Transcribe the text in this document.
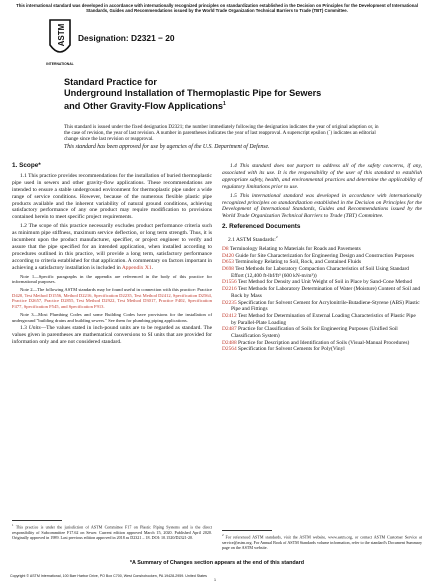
This international standard was developed in accordance with internationally recognized principles on standardization established in the Decision on Principles for the Development of International Standards, Guides and Recommendations issued by the World Trade Organization Technical Barriers to Trade (TBT) Committee.
ASTM
INTERNATIONAL
Designation: D2321 − 20
Standard Practice for
Underground Installation of Thermoplastic Pipe for Sewers
and Other Gravity-Flow Applications$^1$
This standard is issued under the fixed designation D2321; the number immediately following the designation indicates the year of original adoption or, in the case of revision, the year of last revision. A number in parentheses indicates the year of last reapproval. A superscript epsilon (´) indicates an editorial change since the last revision or reapproval.
This standard has been approved for use by agencies of the U.S. Department of Defense.
1. Scope*

1.1 This practice provides recommendations for the installation of buried thermoplastic pipe used in sewers and other gravity-flow applications. These recommendations are intended to ensure a stable underground environment for thermoplastic pipe under a wide range of service conditions. However, because of the numerous flexible plastic pipe products available and the inherent variability of natural ground conditions, achieving satisfactory performance of any one product may require modification to provisions contained herein to meet specific project requirements.

1.2 The scope of this practice necessarily excludes product performance criteria such as minimum pipe stiffness, maximum service deflection, or long term strength. Thus, it is incumbent upon the product manufacturer, specifier, or project engineer to verify and assure that the pipe specified for an intended application, when installed according to procedures outlined in this practice, will provide a long term, satisfactory performance according to criteria established for that application. A commentary on factors important in achieving a satisfactory installation is included in Appendix X1.

Note 1—Specific paragraphs in the appendix are referenced in the body of this practice for informational purposes.
Note 2—The following ASTM standards may be found useful in connection with this practice: Practice D420, Test Method D1556, Method D2216, Specification D2235, Test Method D2412, Specification D2564, Practice D2657, Practice D2855, Test Method D2922, Test Method D3017, Practice F402, Specification F477, Specification F545, and Specification F913.
Note 3—Most Plumbing Codes and some Building Codes have provisions for the installation of underground "building drains and building sewers." See them for plumbing piping applications.

1.3 Units—The values stated in inch-pound units are to be regarded as standard. The values given in parentheses are mathematical conversions to SI units that are provided for information only and are not considered standard.

$^1$ This practice is under the jurisdiction of ASTM Committee F17 on Plastic Piping Systems and is the direct responsibility of Subcommittee F17.62 on Sewer. Current edition approved March 15, 2020. Published April 2020. Originally approved in 1989. Last previous edition approved in 2018 as D2321 – 18. DOI: 10.1520/D2321-20.

1.4 This standard does not purport to address all of the safety concerns, if any, associated with its use. It is the responsibility of the user of this standard to establish appropriate safety, health, and environmental practices and determine the applicability of regulatory limitations prior to use.

1.5 This international standard was developed in accordance with internationally recognized principles on standardization established in the Decision on Principles for the Development of International Standards, Guides and Recommendations issued by the World Trade Organization Technical Barriers to Trade (TBT) Committee.

2. Referenced Documents
2.1 ASTM Standards:$^2$
D8 Terminology Relating to Materials for Roads and Pavements
D420 Guide for Site Characterization for Engineering Design and Construction Purposes
D653 Terminology Relating to Soil, Rock, and Contained Fluids
D698 Test Methods for Laboratory Compaction Characteristics of Soil Using Standard Effort (12,400 ft-lbf/ft³ (600 kN-m/m³))
D1556 Test Method for Density and Unit Weight of Soil in Place by Sand-Cone Method
D2216 Test Methods for Laboratory Determination of Water (Moisture) Content of Soil and Rock by Mass
D2235 Specification for Solvent Cement for Acrylonitrile-Butadiene-Styrene (ABS) Plastic Pipe and Fittings
D2412 Test Method for Determination of External Loading Characteristics of Plastic Pipe by Parallel-Plate Loading
D2487 Practice for Classification of Soils for Engineering Purposes (Unified Soil Classification System)
D2488 Practice for Description and Identification of Soils (Visual-Manual Procedures)
D2564 Specification for Solvent Cements for Poly(Vinyl
$^2$ For referenced ASTM standards, visit the ASTM website, www.astm.org, or contact ASTM Customer Service at service@astm.org. For Annual Book of ASTM Standards volume information, refer to the standard's Document Summary page on the ASTM website.
*A Summary of Changes section appears at the end of this standard
Copyright © ASTM International, 100 Barr Harbor Drive, PO Box C700, West Conshohocken, PA 19428-2959. United States
1
